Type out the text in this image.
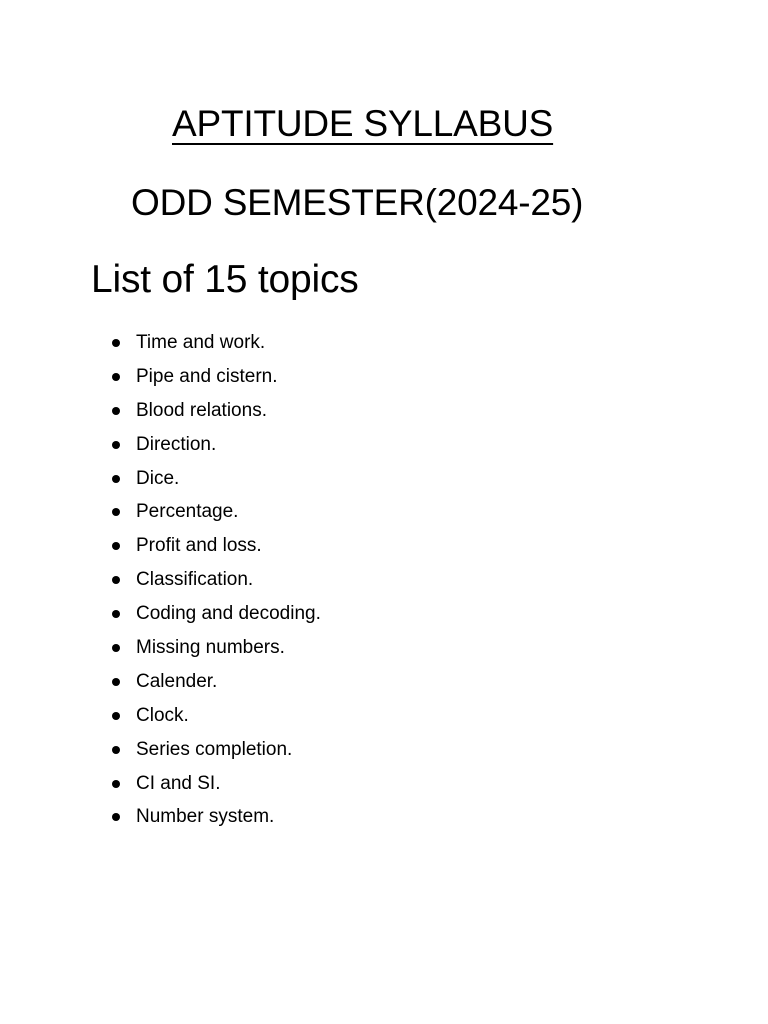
APTITUDE SYLLABUS
ODD SEMESTER(2024-25)
List of 15 topics
Time and work.
Pipe and cistern.
Blood relations.
Direction.
Dice.
Percentage.
Profit and loss.
Classification.
Coding and decoding.
Missing numbers.
Calender.
Clock.
Series completion.
CI and SI.
Number system.
